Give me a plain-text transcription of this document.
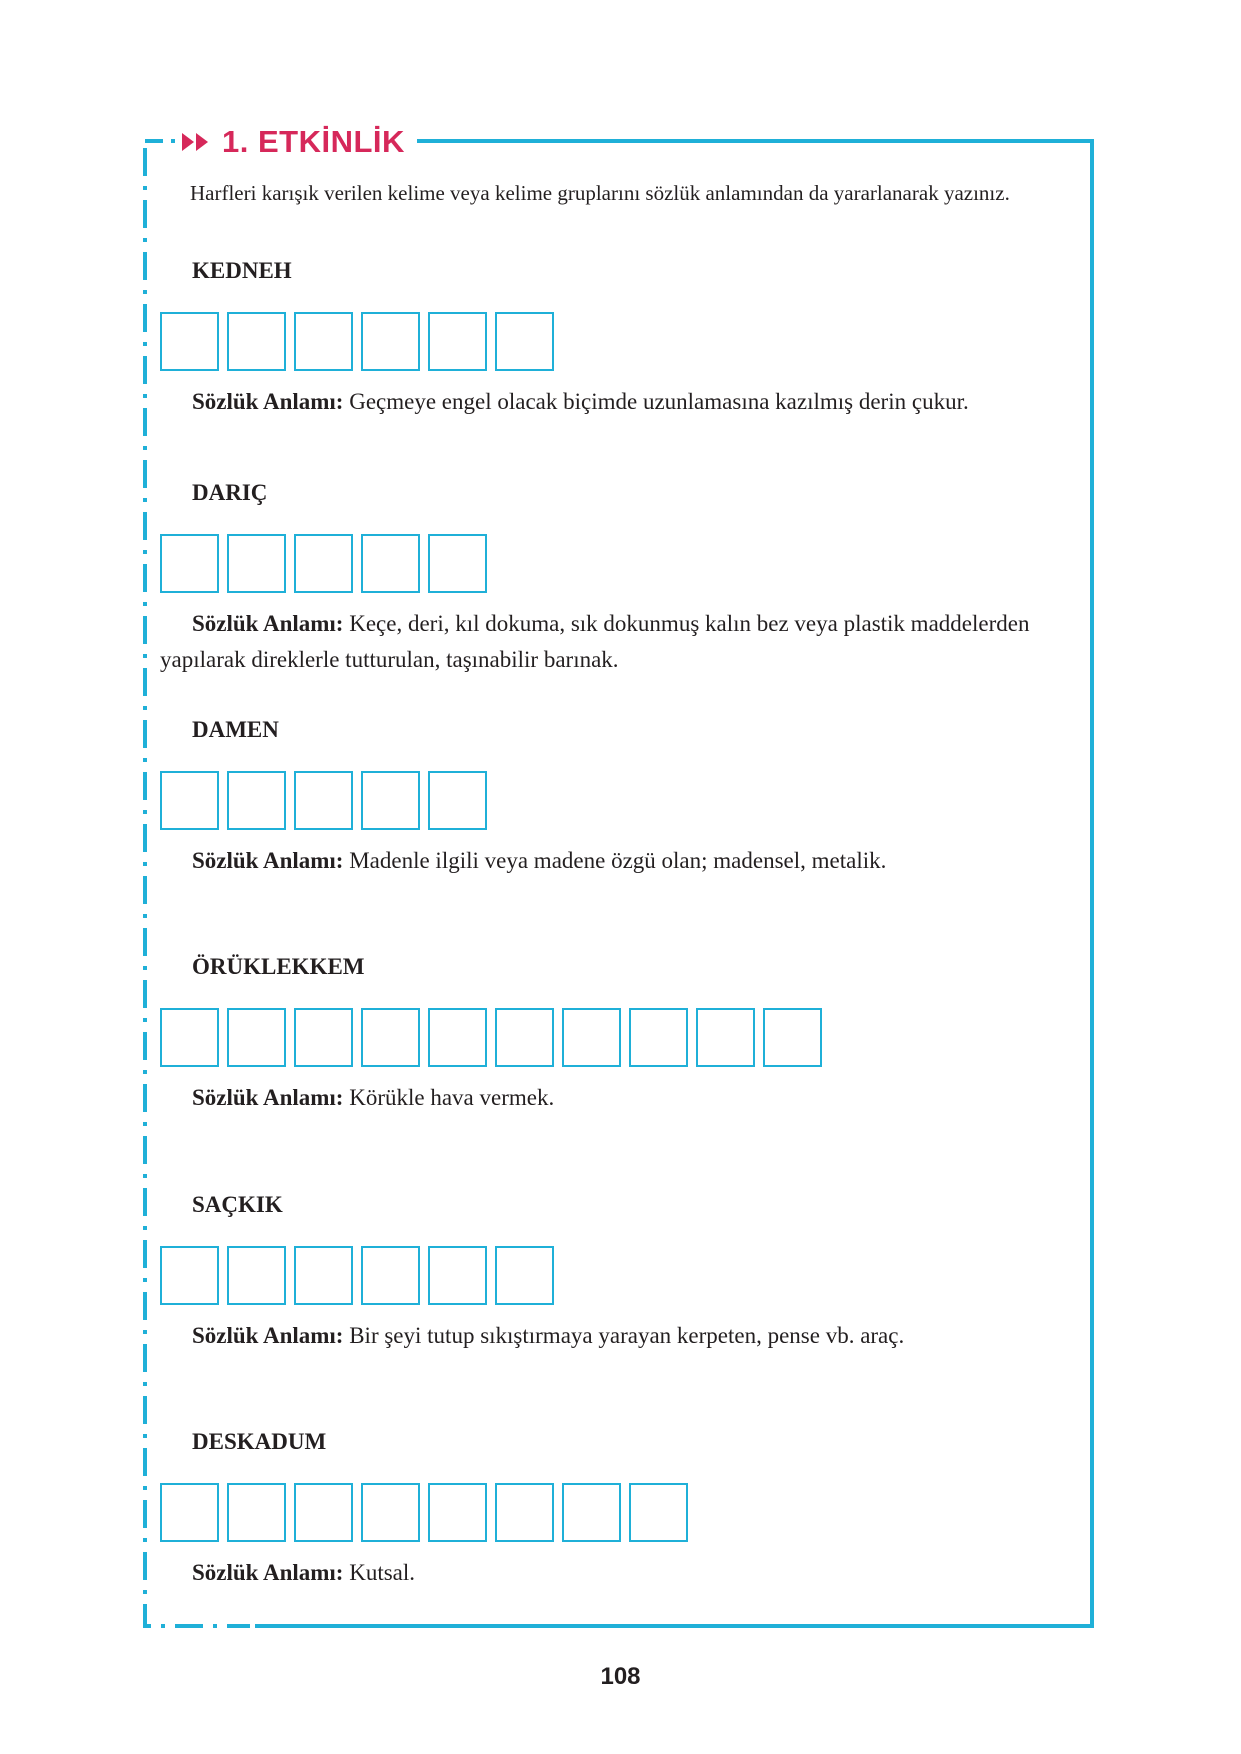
1. ETKİNLİK
Harfleri karışık verilen kelime veya kelime gruplarını sözlük anlamından da yararlanarak yazınız.
KEDNEH
Sözlük Anlamı: Geçmeye engel olacak biçimde uzunlamasına kazılmış derin çukur.
DARIÇ
Sözlük Anlamı: Keçe, deri, kıl dokuma, sık dokunmuş kalın bez veya plastik maddelerden yapılarak direklerle tutturulan, taşınabilir barınak.
DAMEN
Sözlük Anlamı: Madenle ilgili veya madene özgü olan; madensel, metalik.
ÖRÜKLEKKEM
Sözlük Anlamı: Körükle hava vermek.
SAÇKIK
Sözlük Anlamı: Bir şeyi tutup sıkıştırmaya yarayan kerpeten, pense vb. araç.
DESKADUM
Sözlük Anlamı: Kutsal.
108
